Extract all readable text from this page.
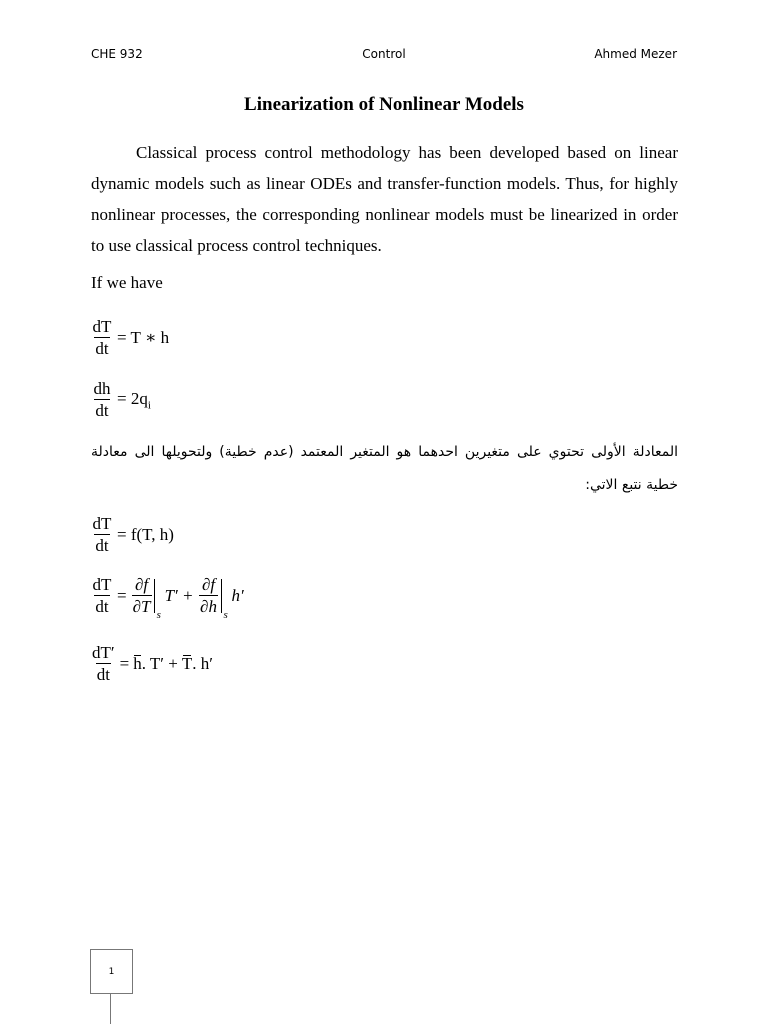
CHE 932	Control	Ahmed Mezer
Linearization of Nonlinear Models

Classical process control methodology has been developed based on linear dynamic models such as linear ODEs and transfer-function models. Thus, for highly nonlinear processes, the corresponding nonlinear models must be linearized in order to use classical process control techniques.

If we have
$\frac{dT}{dt} = T$ ∗ h
$\frac{dh}{dt} = 2q_i$

المعادلة الأولى تحتوي على متغيرين احدهما هو المتغير المعتمد (عدم خطية) ولتحويلها الى معادلة خطية نتبع الاتي:

$\frac{dT}{dt} = f(T$, h)
$\frac{dT}{dt} = \frac{\partial f}{\partial T}$ s
$T' + \frac{\partial f}{\partial h}$ s
h′
$\frac{dT'}{dt} = h$ . T′ + T . h′
1
